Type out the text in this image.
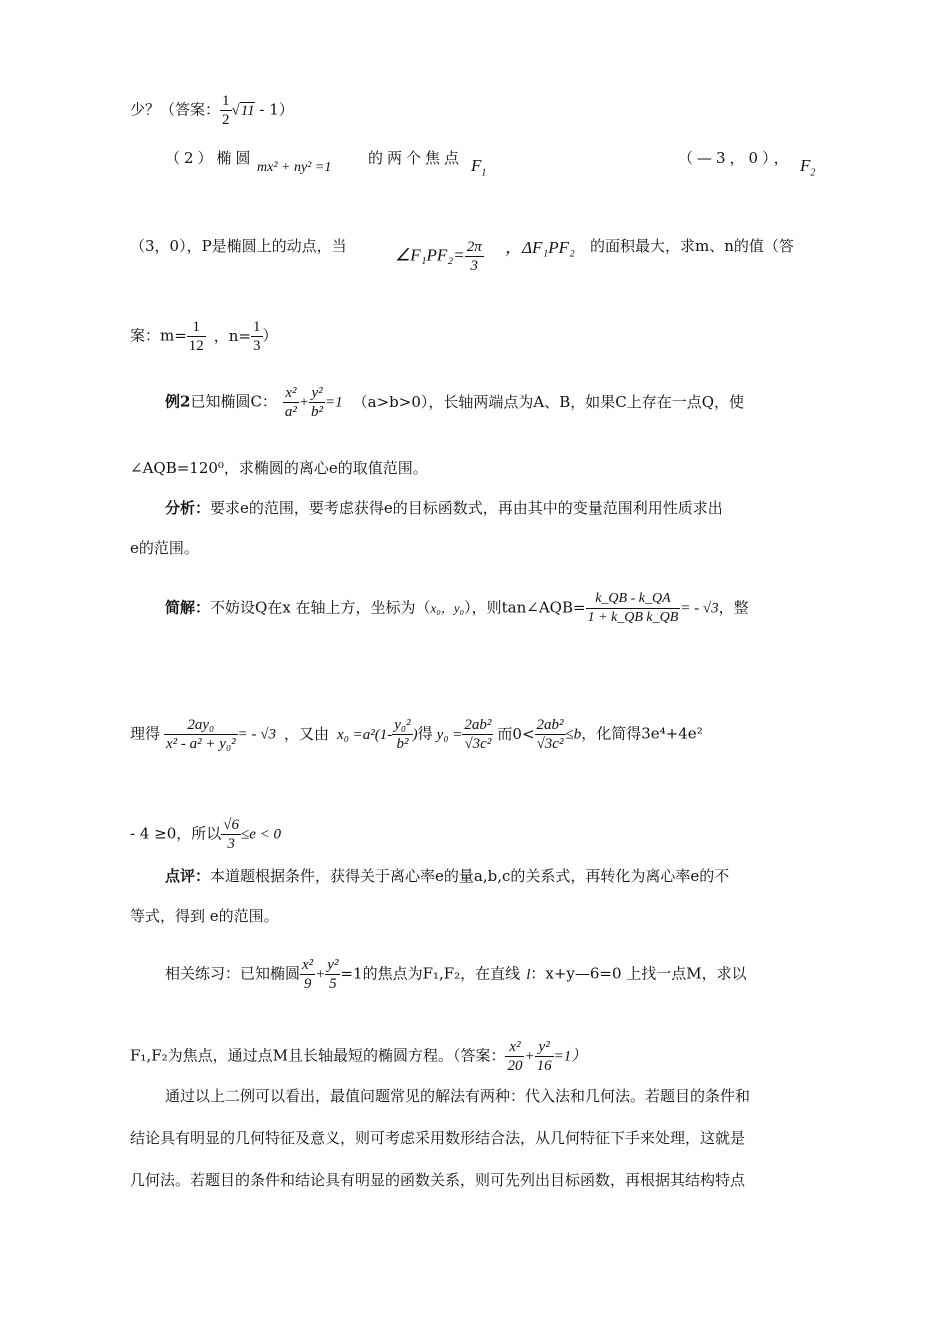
少？（答案： $\frac{1}{2} √11 - 1$）
（2）椭圆
mx² + ny² =1
的两个焦点 $F_1$
（—3，0）， $F_2$
（3，0），P是椭圆上的动点，当	∠F₁PF₂= $\frac{2\pi}{3}$ ，ΔF₁PF₂ 的面积最大，求m、n的值（答
案：$m= \frac{1}{12}$ ，$n= \frac{1}{3}$ ）
例2已知椭圆C： $\frac{\text{x²}}{\text{a²}} + \frac{\text{y²}}{\text{b²}} =1$ （a>b>0），长轴两端点为A、B，如果C上存在一点Q，使
∠AQB=120⁰，求椭圆的离心e的取值范围。
分析：要求e的范围，要考虑获得e的目标函数式，再由其中的变量范围利用性质求出
e的范围。
简解：不妨设Q在x 在轴上方，坐标为（x₀，y₀），则tan∠AQB= $\frac{k\_QB - k\_QA}{\text{1 + k\_QB k\_QB}}$ = - √3，整
理得 $\frac{\text{2ay₀}}{\text{x² - a² + y₀²}}$ = - √3 ，又由 $x_0 =a^2(1- \frac{\text{y₀²}}{\text{b²}}$ )得 $y_0 = \frac{\text{2ab²}}{\text{√3c²}}$ 而$0< \frac{\text{2ab²}}{\text{√3c²}} \le b$，化简得3e⁴+4e²
- 4 ≥0，所以 $\frac{√6}{3} \le e < 0$
点评：本道题根据条件，获得关于离心率e的量a,b,c的关系式，再转化为离心率e的不
等式，得到 e的范围。
相关练习：已知椭圆 $\frac{\text{x²}}{9} + \frac{\text{y²}}{5} =1$的焦点为F₁,F₂，在直线 l：x+y—6=0 上找一点M，求以
F₁,F₂为焦点，通过点M且长轴最短的椭圆方程。（答案： $\frac{\text{x²}}{20} + \frac{\text{y²}}{16} =1$）
通过以上二例可以看出，最值问题常见的解法有两种：代入法和几何法。若题目的条件和
结论具有明显的几何特征及意义，则可考虑采用数形结合法，从几何特征下手来处理，这就是
几何法。若题目的条件和结论具有明显的函数关系，则可先列出目标函数，再根据其结构特点
